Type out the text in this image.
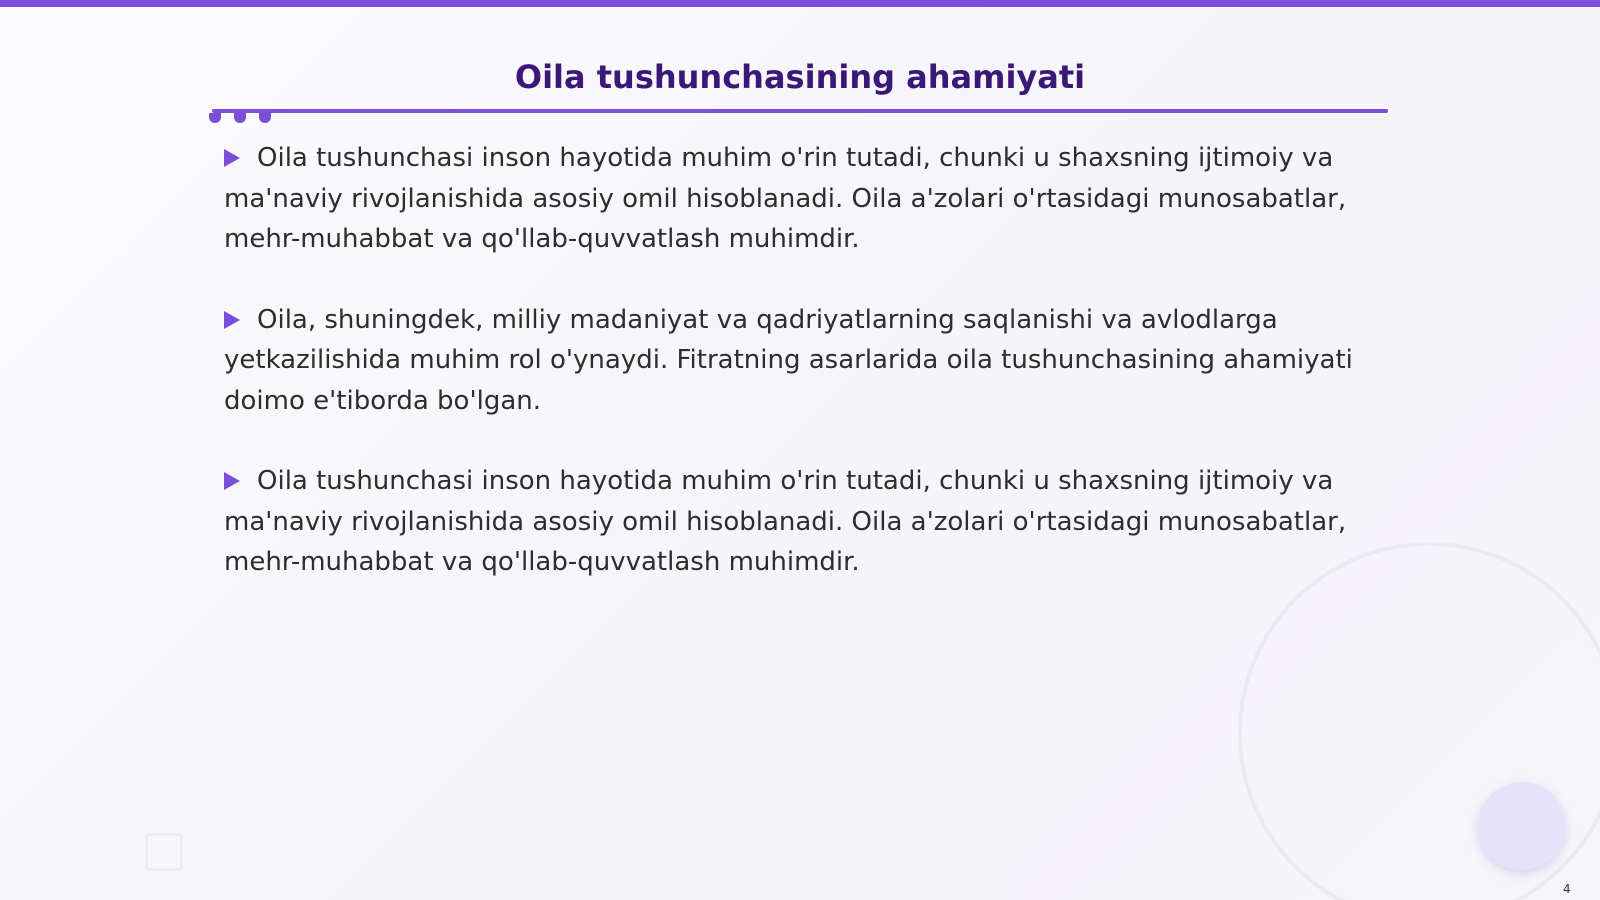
Oila tushunchasining ahamiyati
Oila tushunchasi inson hayotida muhim o'rin tutadi, chunki u shaxsning ijtimoiy va ma'naviy rivojlanishida asosiy omil hisoblanadi. Oila a'zolari o'rtasidagi munosabatlar, mehr-muhabbat va qo'llab-quvvatlash muhimdir.
Oila, shuningdek, milliy madaniyat va qadriyatlarning saqlanishi va avlodlarga yetkazilishida muhim rol o'ynaydi. Fitratning asarlarida oila tushunchasining ahamiyati doimo e'tiborda bo'lgan.
Oila tushunchasi inson hayotida muhim o'rin tutadi, chunki u shaxsning ijtimoiy va ma'naviy rivojlanishida asosiy omil hisoblanadi. Oila a'zolari o'rtasidagi munosabatlar, mehr-muhabbat va qo'llab-quvvatlash muhimdir.
4
